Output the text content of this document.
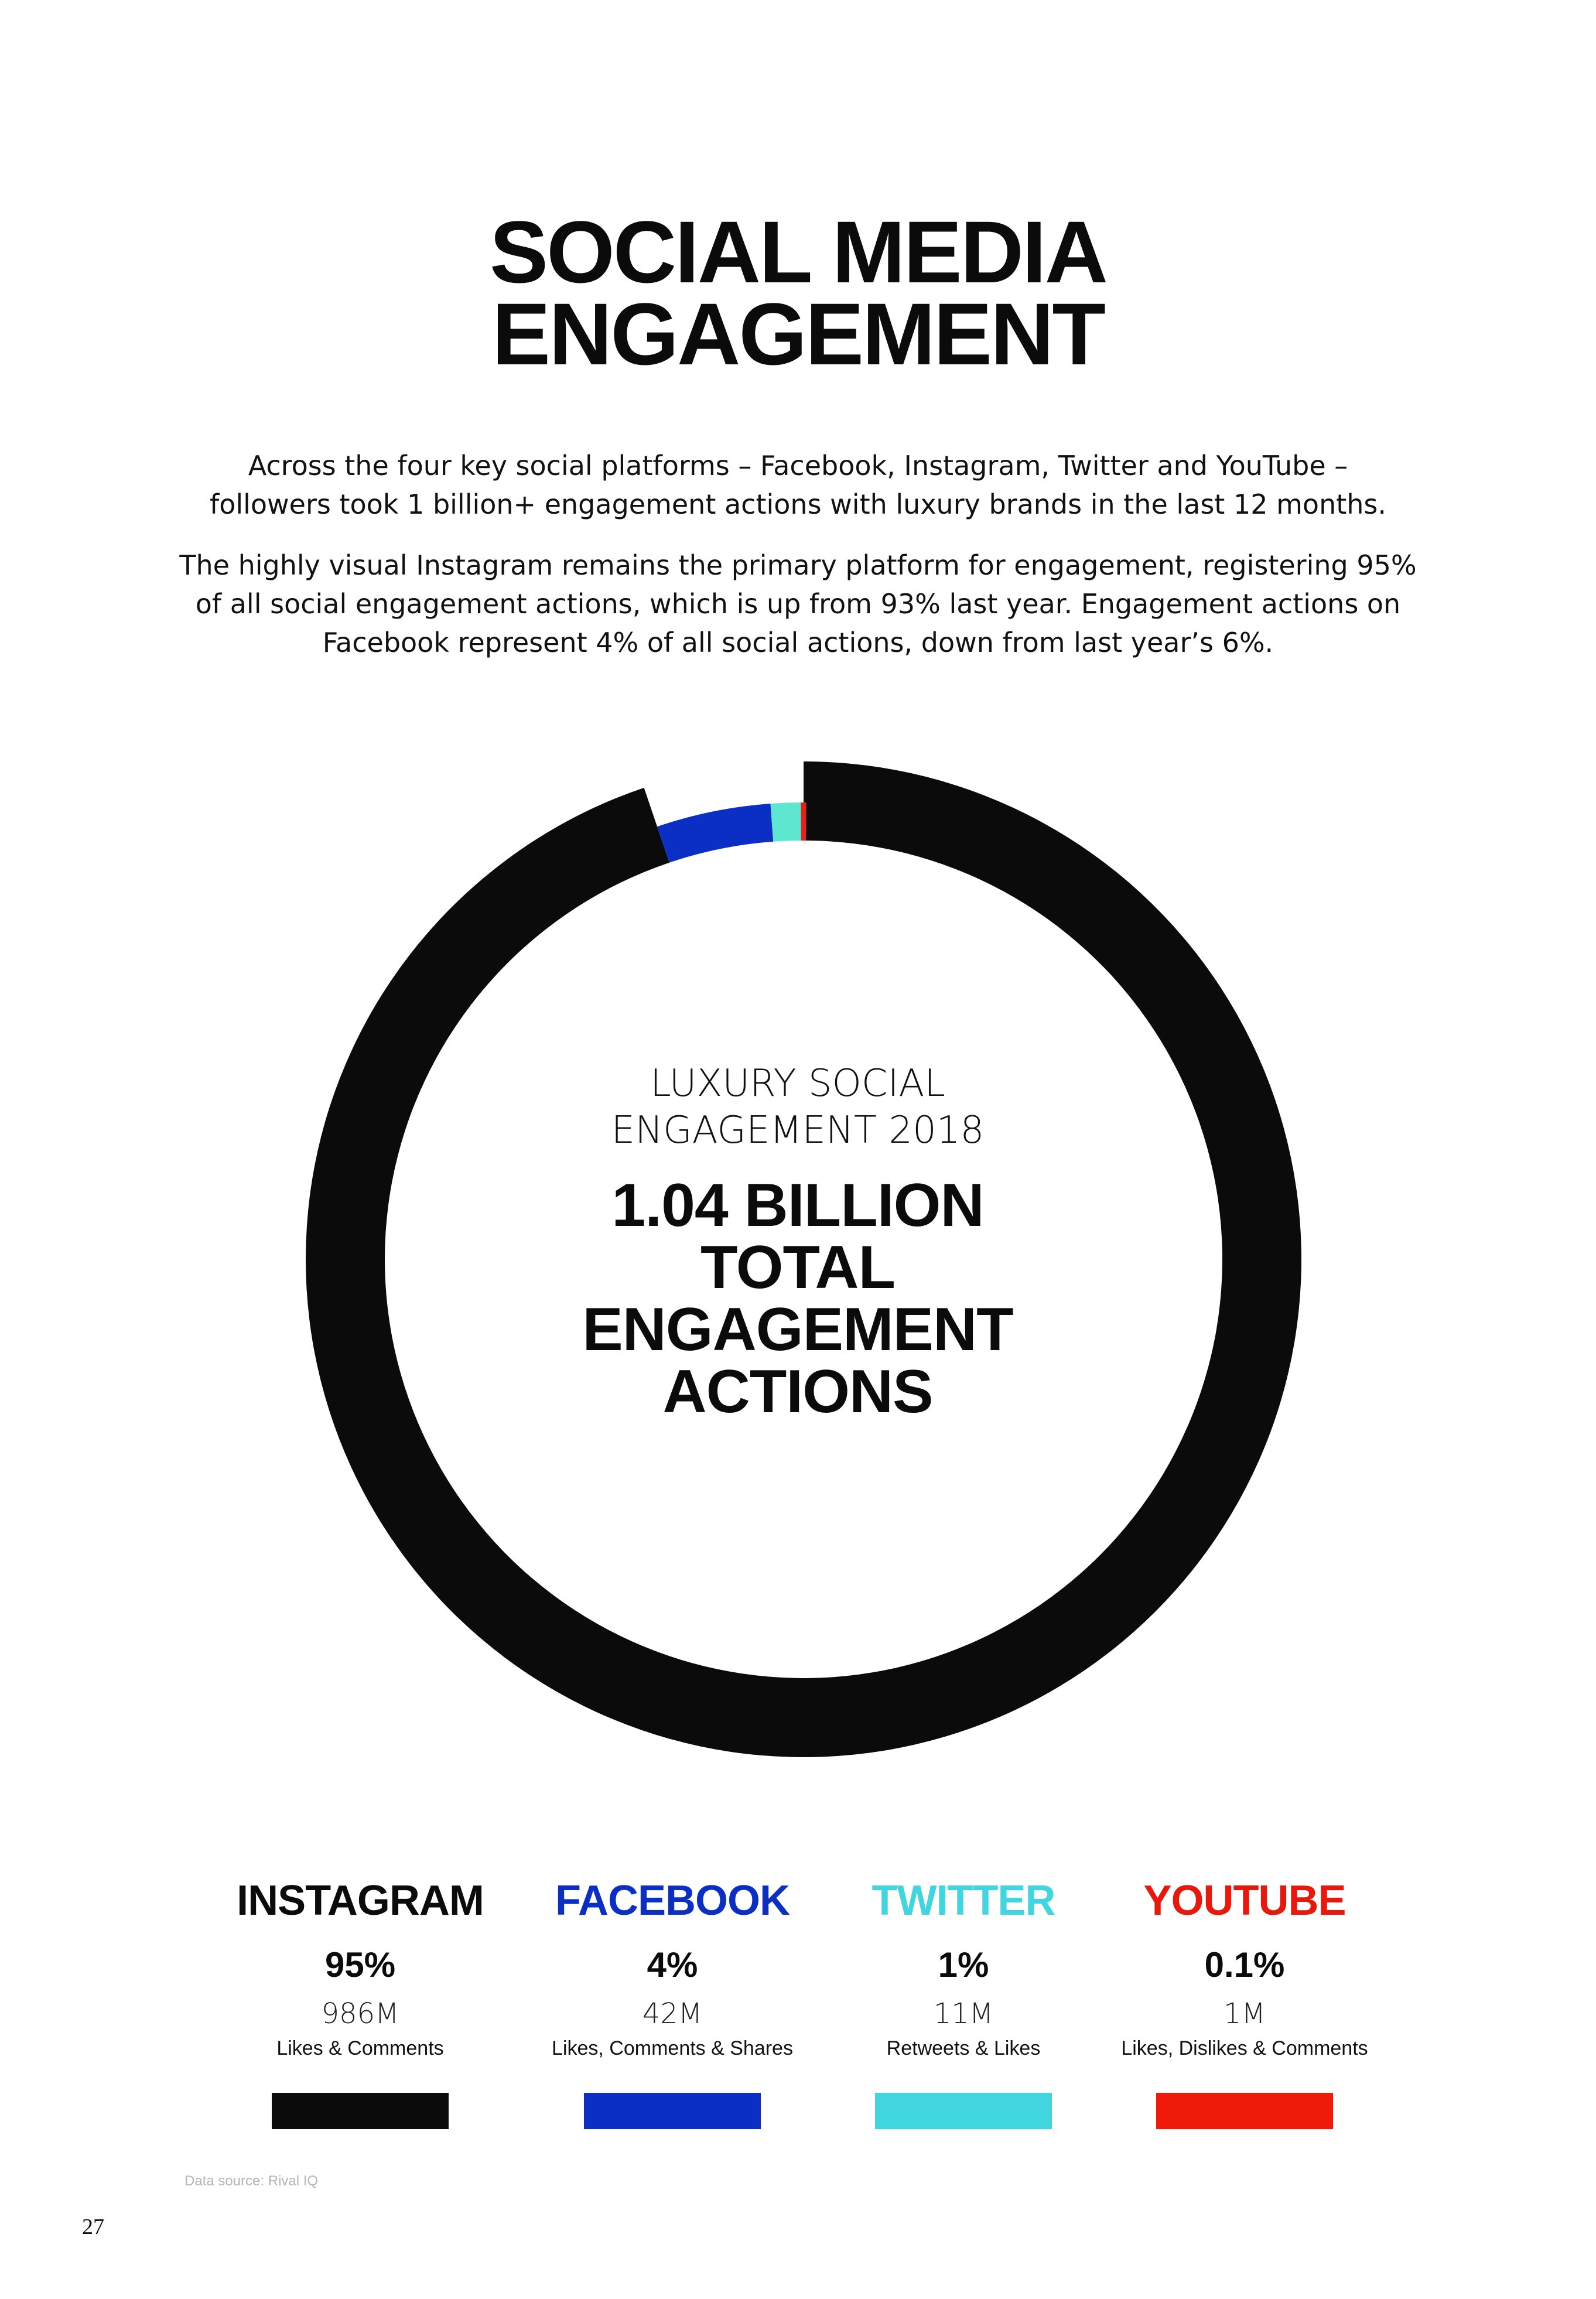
SOCIAL MEDIA
ENGAGEMENT
Across the four key social platforms – Facebook, Instagram, Twitter and YouTube –
followers took 1 billion+ engagement actions with luxury brands in the last 12 months.
The highly visual Instagram remains the primary platform for engagement, registering 95%
of all social engagement actions, which is up from 93% last year. Engagement actions on
Facebook represent 4% of all social actions, down from last year’s 6%.
LUXURY SOCIAL
ENGAGEMENT 2018
1.04 BILLION
TOTAL
ENGAGEMENT
ACTIONS
INSTAGRAM
95%
986M
Likes & Comments
FACEBOOK
4%
42M
Likes, Comments & Shares
TWITTER
1%
11M
Retweets & Likes
YOUTUBE
0.1%
1M
Likes, Dislikes & Comments
Data source: Rival IQ
27
